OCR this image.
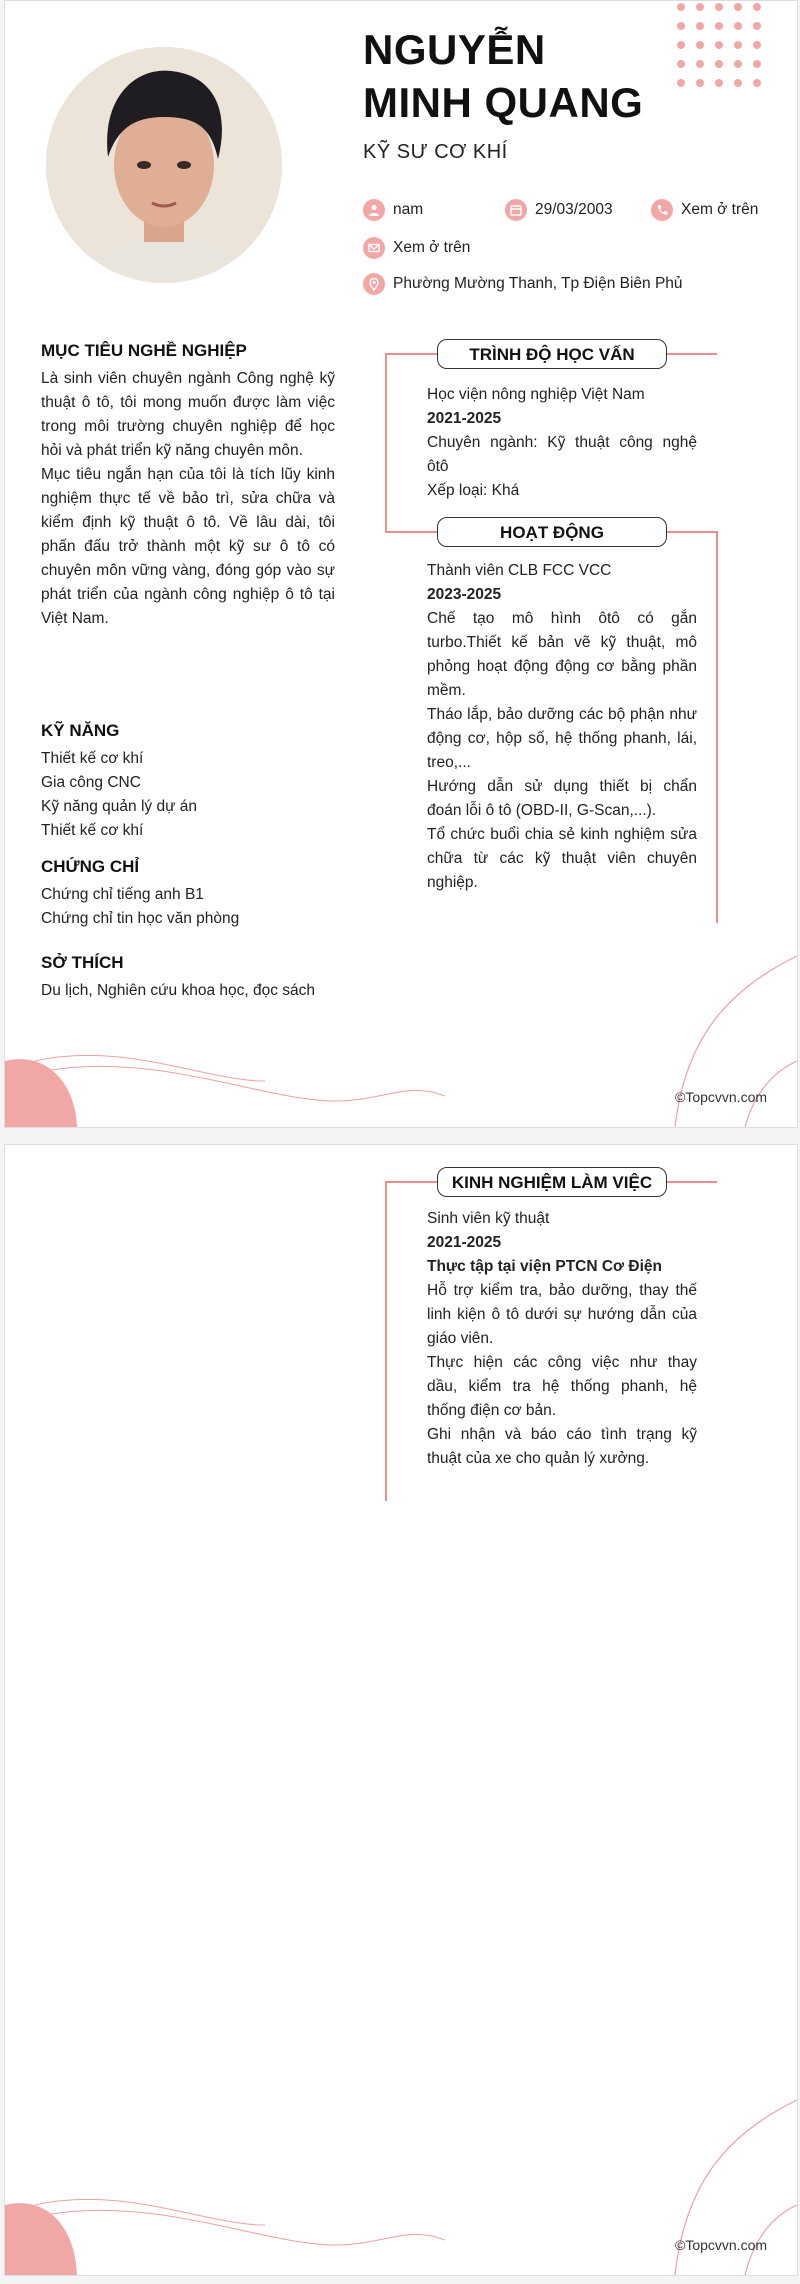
NGUYỄN
MINH QUANG
KỸ SƯ CƠ KHÍ
nam	29/03/2003	Xem ở trên
Xem ở trên
Phường Mường Thanh, Tp Điện Biên Phủ
MỤC TIÊU NGHỀ NGHIỆP
Là sinh viên chuyên ngành Công nghệ kỹ
thuật ô tô, tôi mong muốn được làm việc
trong môi trường chuyên nghiệp để học
hỏi và phát triển kỹ năng chuyên môn.
Mục tiêu ngắn hạn của tôi là tích lũy kinh
nghiệm thực tế về bảo trì, sửa chữa và
kiểm định kỹ thuật ô tô. Về lâu dài, tôi
phấn đấu trở thành một kỹ sư ô tô có
chuyên môn vững vàng, đóng góp vào sự
phát triển của ngành công nghiệp ô tô tại
Việt Nam.
KỸ NĂNG
Thiết kế cơ khí
Gia công CNC
Kỹ năng quản lý dự án
Thiết kế cơ khí
CHỨNG CHỈ
Chứng chỉ tiếng anh B1
Chứng chỉ tin học văn phòng
SỞ THÍCH
Du lịch, Nghiên cứu khoa học, đọc sách
TRÌNH ĐỘ HỌC VẤN
Học viện nông nghiệp Việt Nam
2021-2025
Chuyên ngành: Kỹ thuật công nghệ
ôtô
Xếp loại: Khá
HOẠT ĐỘNG
Thành viên CLB FCC VCC
2023-2025
Chế tạo mô hình ôtô có gắn
turbo.Thiết kế bản vẽ kỹ thuật, mô
phỏng hoạt động động cơ bằng phần
mềm.
Tháo lắp, bảo dưỡng các bộ phận như
động cơ, hộp số, hệ thống phanh, lái,
treo,...
Hướng dẫn sử dụng thiết bị chẩn
đoán lỗi ô tô (OBD-II, G-Scan,...).
Tổ chức buổi chia sẻ kinh nghiệm sửa
chữa từ các kỹ thuật viên chuyên
nghiệp.
©Topcvvn.com
KINH NGHIỆM LÀM VIỆC
Sinh viên kỹ thuật
2021-2025
Thực tập tại viện PTCN Cơ Điện
Hỗ trợ kiểm tra, bảo dưỡng, thay thế
linh kiện ô tô dưới sự hướng dẫn của
giáo viên.
Thực hiện các công việc như thay
dầu, kiểm tra hệ thống phanh, hệ
thống điện cơ bản.
Ghi nhận và báo cáo tình trạng kỹ
thuật của xe cho quản lý xưởng.
©Topcvvn.com
